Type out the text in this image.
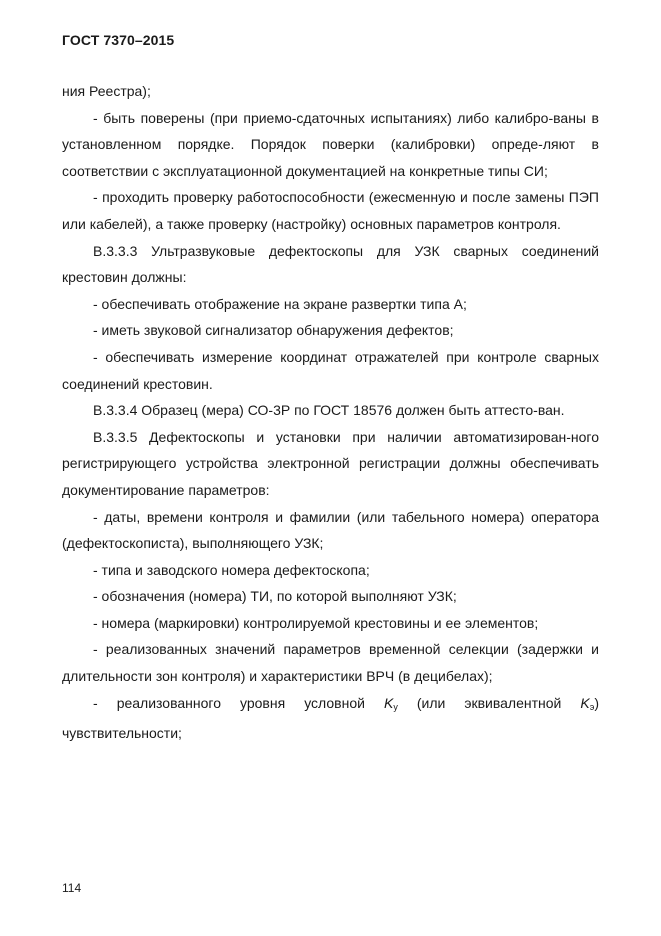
ГОСТ 7370–2015

ния Реестра);

- быть поверены (при приемо-сдаточных испытаниях) либо калибро-ваны в установленном порядке. Порядок поверки (калибровки) опреде-ляют в соответствии с эксплуатационной документацией на конкретные типы СИ;

- проходить проверку работоспособности (ежесменную и после замены ПЭП или кабелей), а также проверку (настройку) основных параметров контроля.

В.3.3.3 Ультразвуковые дефектоскопы для УЗК сварных соединений крестовин должны:

- обеспечивать отображение на экране развертки типа А;

- иметь звуковой сигнализатор обнаружения дефектов;

- обеспечивать измерение координат отражателей при контроле сварных соединений крестовин.

В.3.3.4 Образец (мера) СО-3Р по ГОСТ 18576 должен быть аттесто-ван.

В.3.3.5 Дефектоскопы и установки при наличии автоматизирован-ного регистрирующего устройства электронной регистрации должны обеспечивать документирование параметров:

- даты, времени контроля и фамилии (или табельного номера) оператора (дефектоскописта), выполняющего УЗК;

- типа и заводского номера дефектоскопа;

- обозначения (номера) ТИ, по которой выполняют УЗК;

- номера (маркировки) контролируемой крестовины и ее элементов;

- реализованных значений параметров временной селекции (задержки и длительности зон контроля) и характеристики ВРЧ (в децибелах);

- реализованного уровня условной $K_у$ (или эквивалентной $K_э$)
чувствительности;

114
